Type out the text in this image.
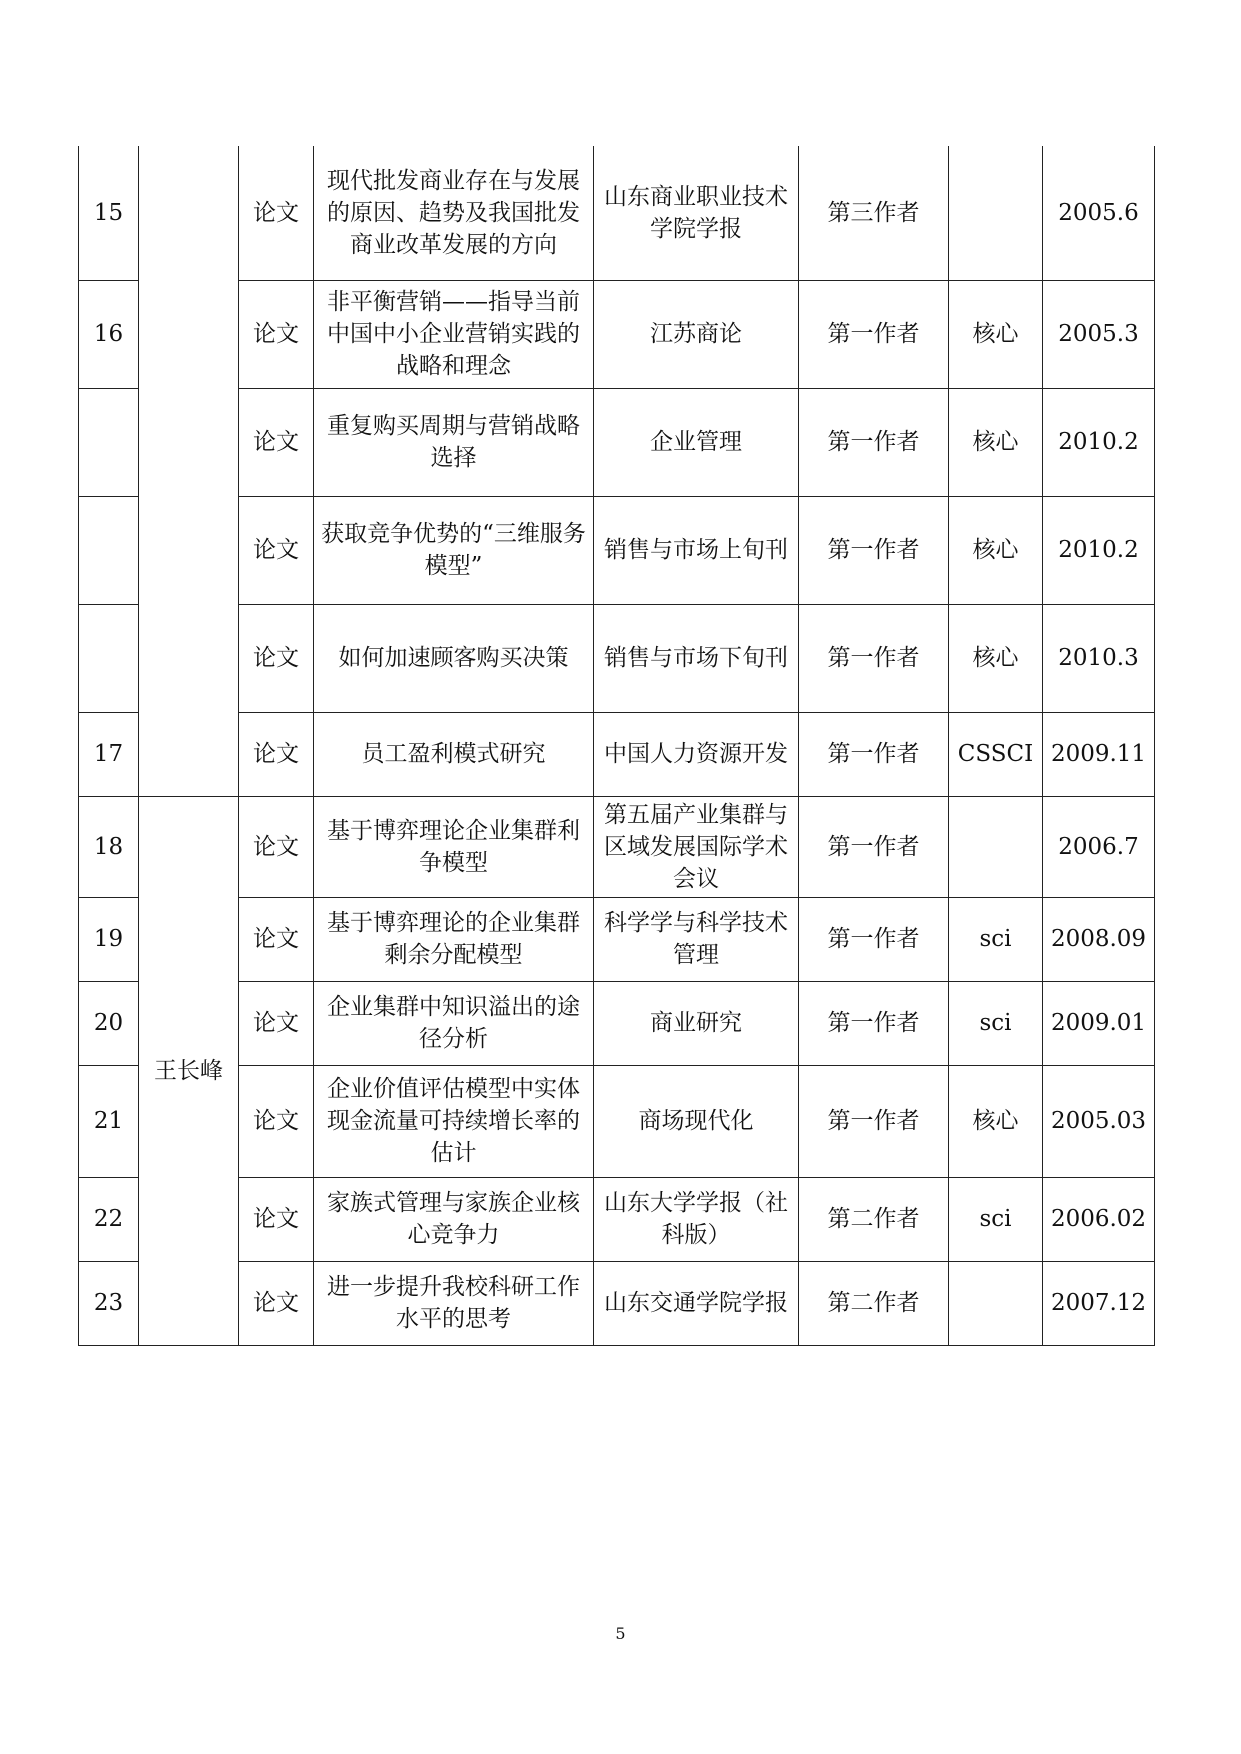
15		论文	现代批发商业存在与发展的原因、趋势及我国批发商业改革发展的方向	山东商业职业技术学院学报	第三作者		2005.6
16		论文	非平衡营销——指导当前中国中小企业营销实践的战略和理念	江苏商论	第一作者	核心	2005.3
		论文	重复购买周期与营销战略选择	企业管理	第一作者	核心	2010.2
		论文	获取竞争优势的“三维服务模型”	销售与市场上旬刊	第一作者	核心	2010.2
		论文	如何加速顾客购买决策	销售与市场下旬刊	第一作者	核心	2010.3
17		论文	员工盈利模式研究	中国人力资源开发	第一作者	CSSCI	2009.11
18	王长峰	论文	基于博弈理论企业集群利争模型	第五届产业集群与区域发展国际学术会议	第一作者		2006.7
19		论文	基于博弈理论的企业集群剩余分配模型	科学学与科学技术管理	第一作者	sci	2008.09
20		论文	企业集群中知识溢出的途径分析	商业研究	第一作者	sci	2009.01
21		论文	企业价值评估模型中实体现金流量可持续增长率的估计	商场现代化	第一作者	核心	2005.03
22		论文	家族式管理与家族企业核心竞争力	山东大学学报（社科版）	第二作者	sci	2006.02
23		论文	进一步提升我校科研工作水平的思考	山东交通学院学报	第二作者		2007.12
5
